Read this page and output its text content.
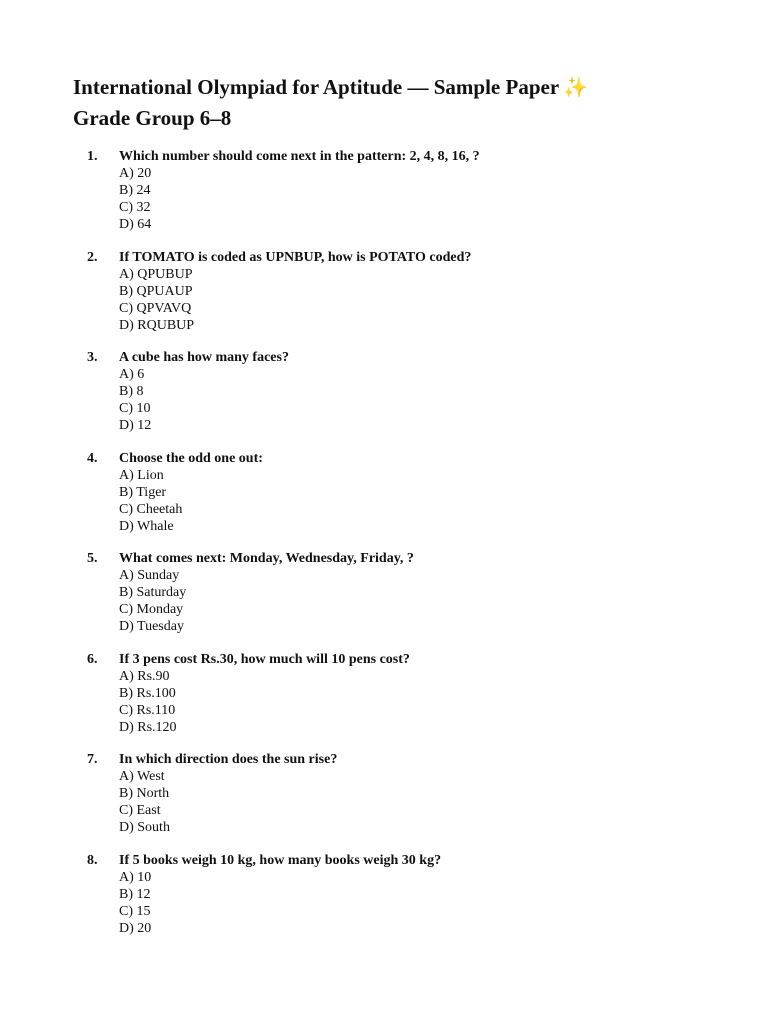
International Olympiad for Aptitude — Sample Paper ✨
Grade Group 6–8
1. Which number should come next in the pattern: 2, 4, 8, 16, ?

A) 20
B) 24
C) 32
D) 64
2. If TOMATO is coded as UPNBUP, how is POTATO coded?

A) QPUBUP
B) QPUAUP
C) QPVAVQ
D) RQUBUP
3. A cube has how many faces?

A) 6
B) 8
C) 10
D) 12
4. Choose the odd one out:

A) Lion
B) Tiger
C) Cheetah
D) Whale
5. What comes next: Monday, Wednesday, Friday, ?

A) Sunday
B) Saturday
C) Monday
D) Tuesday
6. If 3 pens cost Rs.30, how much will 10 pens cost?

A) Rs.90
B) Rs.100
C) Rs.110
D) Rs.120
7. In which direction does the sun rise?

A) West
B) North
C) East
D) South
8. If 5 books weigh 10 kg, how many books weigh 30 kg?

A) 10
B) 12
C) 15
D) 20
